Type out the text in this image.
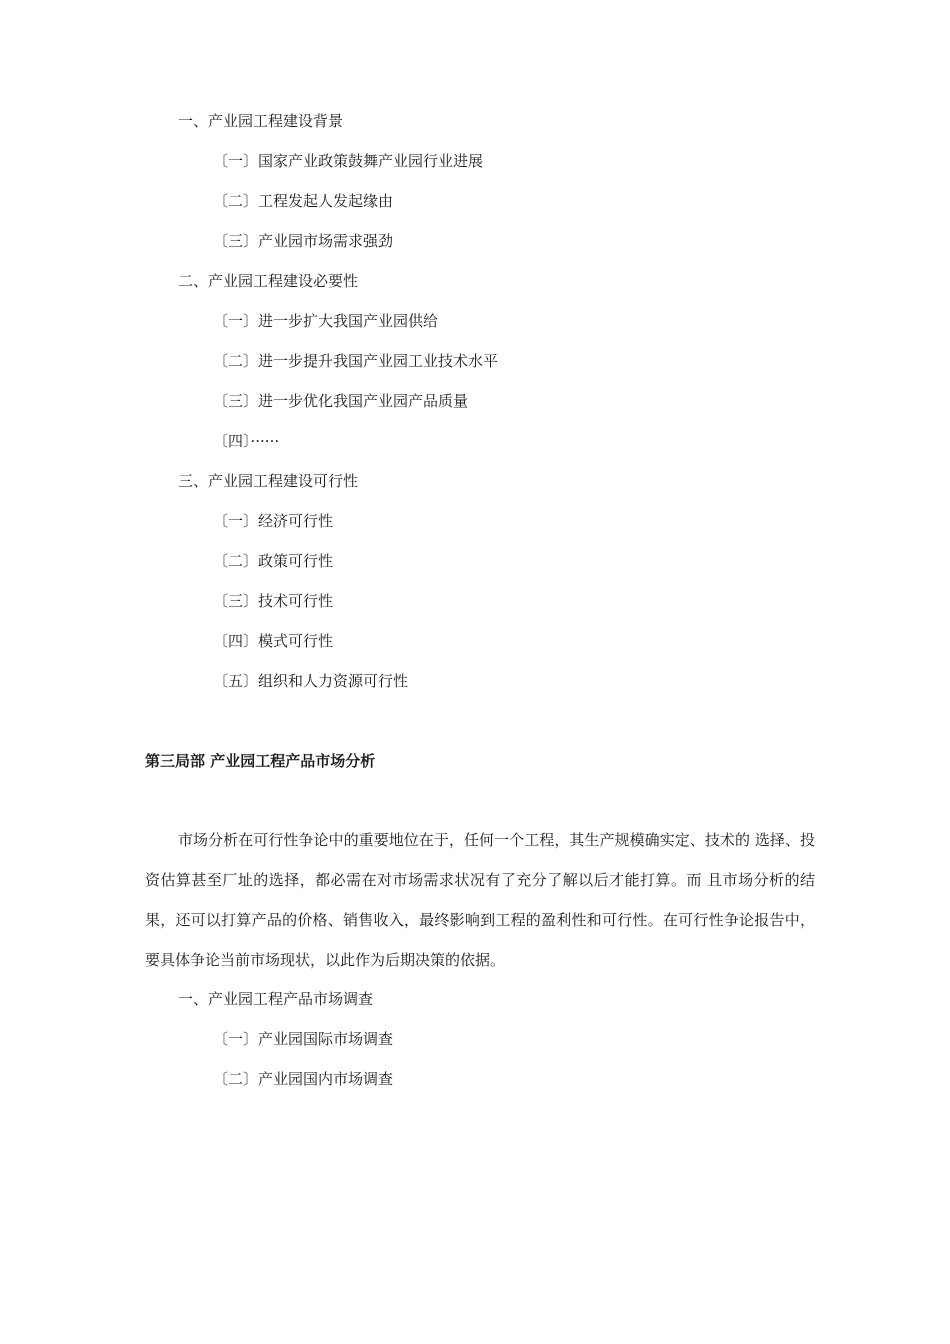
一、产业园工程建设背景
〔一〕国家产业政策鼓舞产业园行业进展
〔二〕工程发起人发起缘由
〔三〕产业园市场需求强劲
二、产业园工程建设必要性
〔一〕进一步扩大我国产业园供给
〔二〕进一步提升我国产业园工业技术水平
〔三〕进一步优化我国产业园产品质量
〔四〕······
三、产业园工程建设可行性
〔一〕经济可行性
〔二〕政策可行性
〔三〕技术可行性
〔四〕模式可行性
〔五〕组织和人力资源可行性
第三局部 产业园工程产品市场分析

市场分析在可行性争论中的重要地位在于，任何一个工程，其生产规模确实定、技术的 选择、投资估算甚至厂址的选择，都必需在对市场需求状况有了充分了解以后才能打算。而 且市场分析的结果，还可以打算产品的价格、销售收入，最终影响到工程的盈利性和可行性。在可行性争论报告中，要具体争论当前市场现状，以此作为后期决策的依据。

一、产业园工程产品市场调查
〔一〕产业园国际市场调查
〔二〕产业园国内市场调查
